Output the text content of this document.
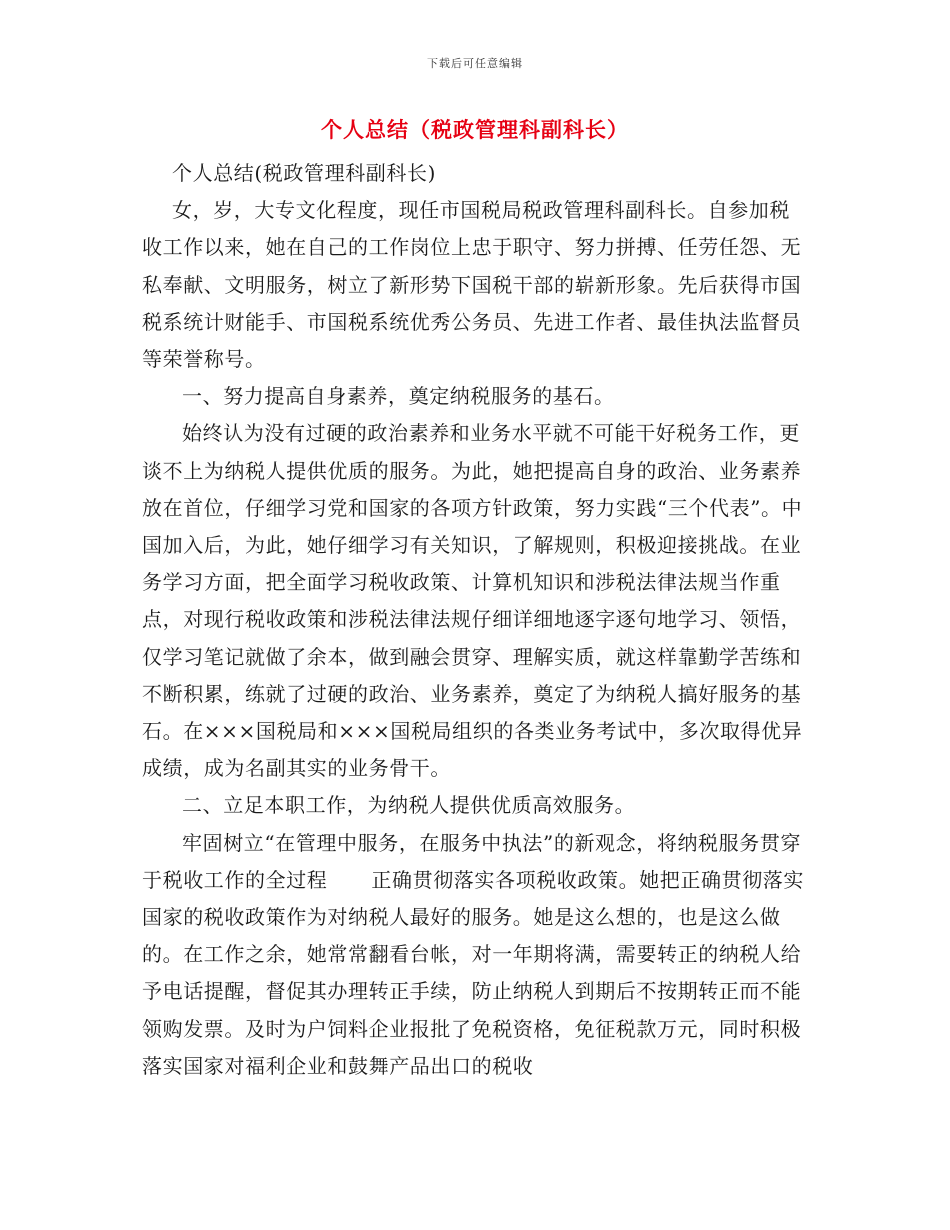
下载后可任意编辑
个人总结（税政管理科副科长）

个人总结(税政管理科副科长)

女，岁，大专文化程度，现任市国税局税政管理科副科长。自参加税收工作以来，她在自己的工作岗位上忠于职守、努力拼搏、任劳任怨、无私奉献、文明服务，树立了新形势下国税干部的崭新形象。先后获得市国税系统计财能手、市国税系统优秀公务员、先进工作者、最佳执法监督员等荣誉称号。

一、努力提高自身素养，奠定纳税服务的基石。

始终认为没有过硬的政治素养和业务水平就不可能干好税务工作，更谈不上为纳税人提供优质的服务。为此，她把提高自身的政治、业务素养放在首位，仔细学习党和国家的各项方针政策，努力实践“三个代表”。中国加入后，为此，她仔细学习有关知识，了解规则，积极迎接挑战。在业务学习方面，把全面学习税收政策、计算机知识和涉税法律法规当作重点，对现行税收政策和涉税法律法规仔细详细地逐字逐句地学习、领悟，仅学习笔记就做了余本，做到融会贯穿、理解实质，就这样靠勤学苦练和不断积累，练就了过硬的政治、业务素养，奠定了为纳税人搞好服务的基石。在×××国税局和×××国税局组织的各类业务考试中，多次取得优异成绩，成为名副其实的业务骨干。

二、立足本职工作，为纳税人提供优质高效服务。

牢固树立“在管理中服务，在服务中执法”的新观念，将纳税服务贯穿于税收工作的全过程 正确贯彻落实各项税收政策。她把正确贯彻落实国家的税收政策作为对纳税人最好的服务。她是这么想的，也是这么做的。在工作之余，她常常翻看台帐，对一年期将满，需要转正的纳税人给予电话提醒，督促其办理转正手续，防止纳税人到期后不按期转正而不能领购发票。及时为户饲料企业报批了免税资格，免征税款万元，同时积极落实国家对福利企业和鼓舞产品出口的税收
